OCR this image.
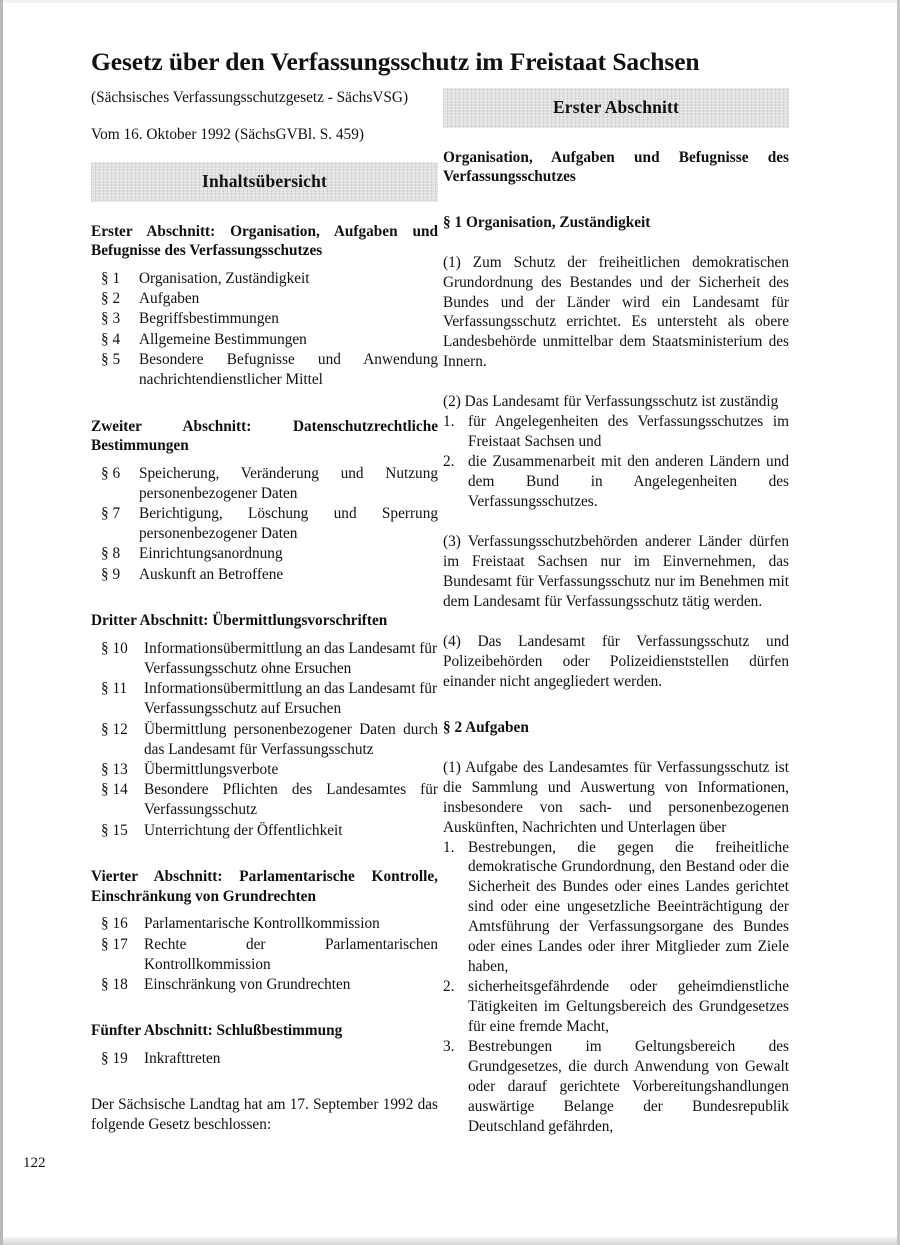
Gesetz über den Verfassungsschutz im Freistaat Sachsen

(Sächsisches Verfassungsschutzgesetz - SächsVSG)

Vom 16. Oktober 1992 (SächsGVBl. S. 459)

Inhaltsübersicht
Erster Abschnitt: Organisation, Aufgaben und Befugnisse des Verfassungsschutzes
§ 1 Organisation, Zuständigkeit
§ 2 Aufgaben
§ 3 Begriffsbestimmungen
§ 4 Allgemeine Bestimmungen
§ 5 Besondere Befugnisse und Anwendung nachrichtendienstlicher Mittel
Zweiter Abschnitt: Datenschutzrechtliche Bestimmungen
§ 6 Speicherung, Veränderung und Nutzung personenbezogener Daten
§ 7 Berichtigung, Löschung und Sperrung personenbezogener Daten
§ 8 Einrichtungsanordnung
§ 9 Auskunft an Betroffene
Dritter Abschnitt: Übermittlungsvorschriften
§ 10 Informationsübermittlung an das Landesamt für Verfassungsschutz ohne Ersuchen
§ 11 Informationsübermittlung an das Landesamt für Verfassungsschutz auf Ersuchen
§ 12 Übermittlung personenbezogener Daten durch das Landesamt für Verfassungsschutz
§ 13 Übermittlungsverbote
§ 14 Besondere Pflichten des Landesamtes für Verfassungsschutz
§ 15 Unterrichtung der Öffentlichkeit
Vierter Abschnitt: Parlamentarische Kontrolle, Einschränkung von Grundrechten
§ 16 Parlamentarische Kontrollkommission
§ 17 Rechte der Parlamentarischen Kontrollkommission
§ 18 Einschränkung von Grundrechten
Fünfter Abschnitt: Schlußbestimmung
§ 19 Inkrafttreten

Der Sächsische Landtag hat am 17. September 1992 das folgende Gesetz beschlossen:

Erster Abschnitt
Organisation, Aufgaben und Befugnisse des Verfassungsschutzes
§ 1 Organisation, Zuständigkeit

(1) Zum Schutz der freiheitlichen demokratischen Grundordnung des Bestandes und der Sicherheit des Bundes und der Länder wird ein Landesamt für Verfassungsschutz errichtet. Es untersteht als obere Landesbehörde unmittelbar dem Staatsministerium des Innern.

(2) Das Landesamt für Verfassungsschutz ist zuständig

1. für Angelegenheiten des Verfassungsschutzes im Freistaat Sachsen und
2. die Zusammenarbeit mit den anderen Ländern und dem Bund in Angelegenheiten des Verfassungsschutzes.

(3) Verfassungsschutzbehörden anderer Länder dürfen im Freistaat Sachsen nur im Einvernehmen, das Bundesamt für Verfassungsschutz nur im Benehmen mit dem Landesamt für Verfassungsschutz tätig werden.

(4) Das Landesamt für Verfassungsschutz und Polizeibehörden oder Polizeidienststellen dürfen einander nicht angegliedert werden.

§ 2 Aufgaben

(1) Aufgabe des Landesamtes für Verfassungsschutz ist die Sammlung und Auswertung von Informationen, insbesondere von sach- und personenbezogenen Auskünften, Nachrichten und Unterlagen über

1. Bestrebungen, die gegen die freiheitliche demokratische Grundordnung, den Bestand oder die Sicherheit des Bundes oder eines Landes gerichtet sind oder eine ungesetzliche Beeinträchtigung der Amtsführung der Verfassungsorgane des Bundes oder eines Landes oder ihrer Mitglieder zum Ziele haben,
2. sicherheitsgefährdende oder geheimdienstliche Tätigkeiten im Geltungsbereich des Grundgesetzes für eine fremde Macht,
3. Bestrebungen im Geltungsbereich des Grundgesetzes, die durch Anwendung von Gewalt oder darauf gerichtete Vorbereitungshandlungen auswärtige Belange der Bundesrepublik Deutschland gefährden,
122
